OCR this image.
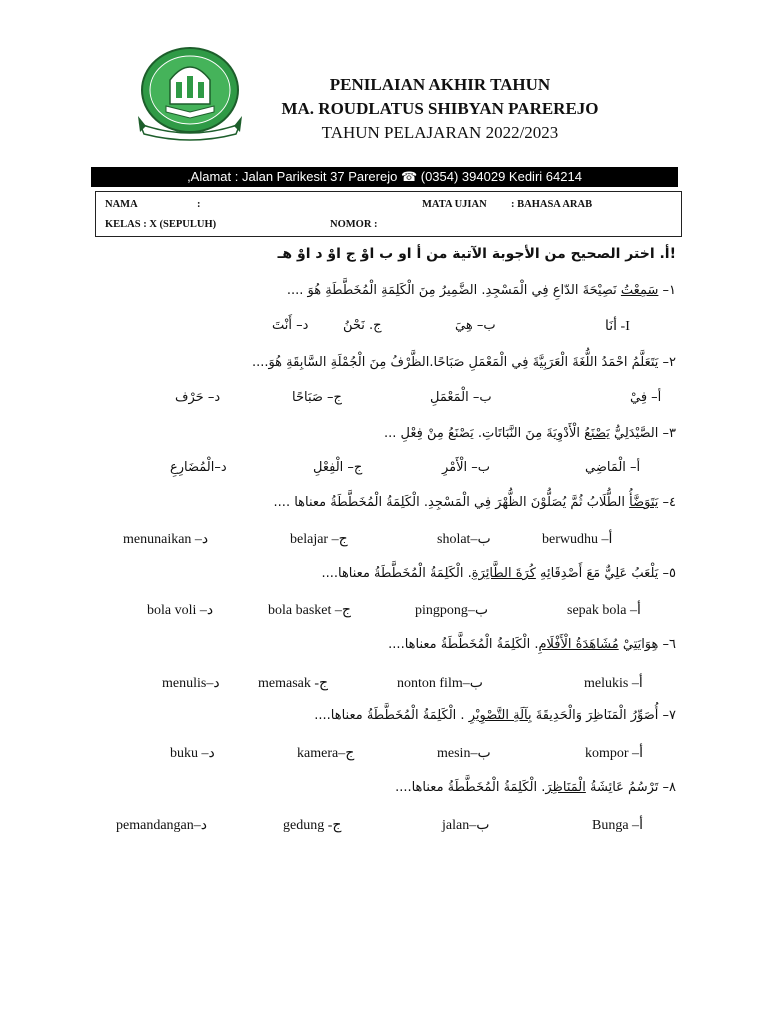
PENILAIAN AKHIR TAHUN
MA. ROUDLATUS SHIBYAN PAREREJO
TAHUN PELAJARAN 2022/2023
,Alamat : Jalan Parikesit 37 Parerejo ☎ (0354) 394029 Kediri 64214
NAMA	:	MATA UJIAN : BAHASA ARAB
KELAS : X (SEPULUH)	NOMOR :
!أ. اختر الصحيح من الأجوبة الآتية من أ او ب اوْ ج اوْ د اوْ هـ
١– سَمِعْتُ نَصِيْحَةَ الدّاعِ فِي الْمَسْجِدِ. الضَّمِيرُ مِنَ الْكَلِمَةِ الْمُخَطَّطَةِ هُوَ ....
I- أنَا
ب– هِيَ
ج. نَحْنُ
د– أَنْتَ
٢– يَتَعَلَّمُ احْمَدُ اللُّغَةَ الْعَرَبِيَّةَ فِي الْمَعْمَلِ صَبَاحًا.الظَّرْفُ مِنَ الْجُمْلَةِ السَّابِقَةِ هُوَ....
أ– فِيْ
ب– الْمَعْمَلِ
ج– صَبَاحًا
د– حَرْف
٣– الصَّيْدَلِيُّ يَصْنَعُ الْأَدْوِيَةَ مِنَ النَّبَاتَاتِ. يَصْنَعُ مِنْ فِعْلِ ...
أ– الْمَاضِي
ب– الْأَمْرِ
ج– الْفِعْلِ
د–الْمُضَارِعِ
٤– يَتَوَضَّأُ الطُّلَابُ ثُمَّ يُصَلُّوْنَ الظُّهْرَ فِي الْمَسْجِدِ. الْكَلِمَةُ الْمُخَطَّطَةُ معناها ....
berwudhu –أ
sholat–ب
belajar –ج
menunaikan –د
٥– يَلْعَبُ عَلِيٌّ مَعَ أَصْدِقَائِهِ كُرَةَ الطَّائِرَةِ. الْكَلِمَةُ الْمُخَطَّطَةُ معناها....
sepak bola –أ
pingpong–ب
bola basket –ج
bola voli –د
٦– هِوَايَتِيْ مُشَاهَدَةُ الْأَفْلَامِ. الْكَلِمَةُ الْمُخَطَّطَةُ معناها....
melukis –أ
nonton film–ب
memasak -ج
menulis–د
٧– أُصَوِّرُ الْمَنَاظِرَ وَالْحَدِيقَةَ بِآلَةِ التَّصْوِيْرِ . الْكَلِمَةُ الْمُخَطَّطَةُ معناها....
kompor –أ
mesin–ب
kamera–ج
buku –د
٨– تَرْسُمُ عَائِشَةُ الْمَنَاظِرَ. الْكَلِمَةُ الْمُخَطَّطَةُ معناها....
Bunga –أ
jalan–ب
gedung -ج
pemandangan–د
